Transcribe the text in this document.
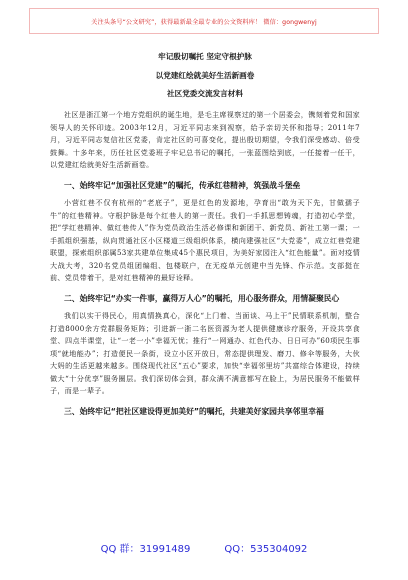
关注头条号“公文研究”，获得最新最全最专业的公文资料库！ 微信：gongwenyj

牢记殷切嘱托 坚定守根护脉

以党建红绘就美好生活新画卷

社区党委交流发言材料

社区是浙江第一个地方党组织的诞生地，是毛主席视察过的第一个居委会，镌刻着党和国家领导人的关怀印迹。2003年12月，习近平同志来到视察，给予亲切关怀和指导；2011年7月，习近平同志复信社区党委，肯定社区的可喜变化，提出殷切期望，令我们深受感动、倍受鼓舞。十多年来，历任社区党委班子牢记总书记的嘱托，一张蓝图绘到底，一任接着一任干，以党建红绘就美好生活新画卷。

一、始终牢记“加强社区党建”的嘱托，传承红巷精神，筑强战斗堡垒

小营红巷不仅有杭州的“老底子”，更是红色的发源地，孕育出“敢为天下先，甘做孺子牛”的红巷精神。守根护脉是每个红巷人的第一责任。我们一手抓思想铸魂，打造初心学堂，把“学红巷精神、做红巷传人”作为党员政治生活必修课和新团干、新党员、新社工第一课；一手抓组织强基，纵向贯通社区小区楼道三级组织体系，横向建强社区“大党委”，成立红巷党建联盟，探索组织部属53家共建单位集成45个惠民项目，为美好家园注入“红色能量”。面对疫情大战大考，320名党员组团编组、包楼联户，在无疫单元创建中当先锋、作示范。支部挺在前、党员带着干，是对红巷精神的最好诠释。

二、始终牢记“办实一件事，赢得万人心”的嘱托，用心服务群众，用情凝聚民心

我们以实干得民心，用真情换真心，深化“上门着、当面谈、马上干”民情联系机制，整合打造8000余方党群服务矩阵；引进新一浙二名医资源为老人提供健康诊疗服务，开设共享食堂、四点半课堂，让“一老一小”幸福无忧；推行“一网通办、红色代办、日日可办”60项民生事项“就地能办”；打造便民一条街，设立小区开放日，常态提供理发、磨刀、修伞等服务，大伙大妈的生活更越来越多。围绕现代社区“五心”要求，加快“幸福邻里坊”共富综合体建设，持续做大“十分优享”服务圈层。我们深切体会到，群众满不满意都写在脸上，为居民服务不能做样子，而是一辈子。

三、始终牢记“把社区建设得更加美好”的嘱托，共建美好家园共享邻里幸福

QQ 群：31991489	QQ：535304092
